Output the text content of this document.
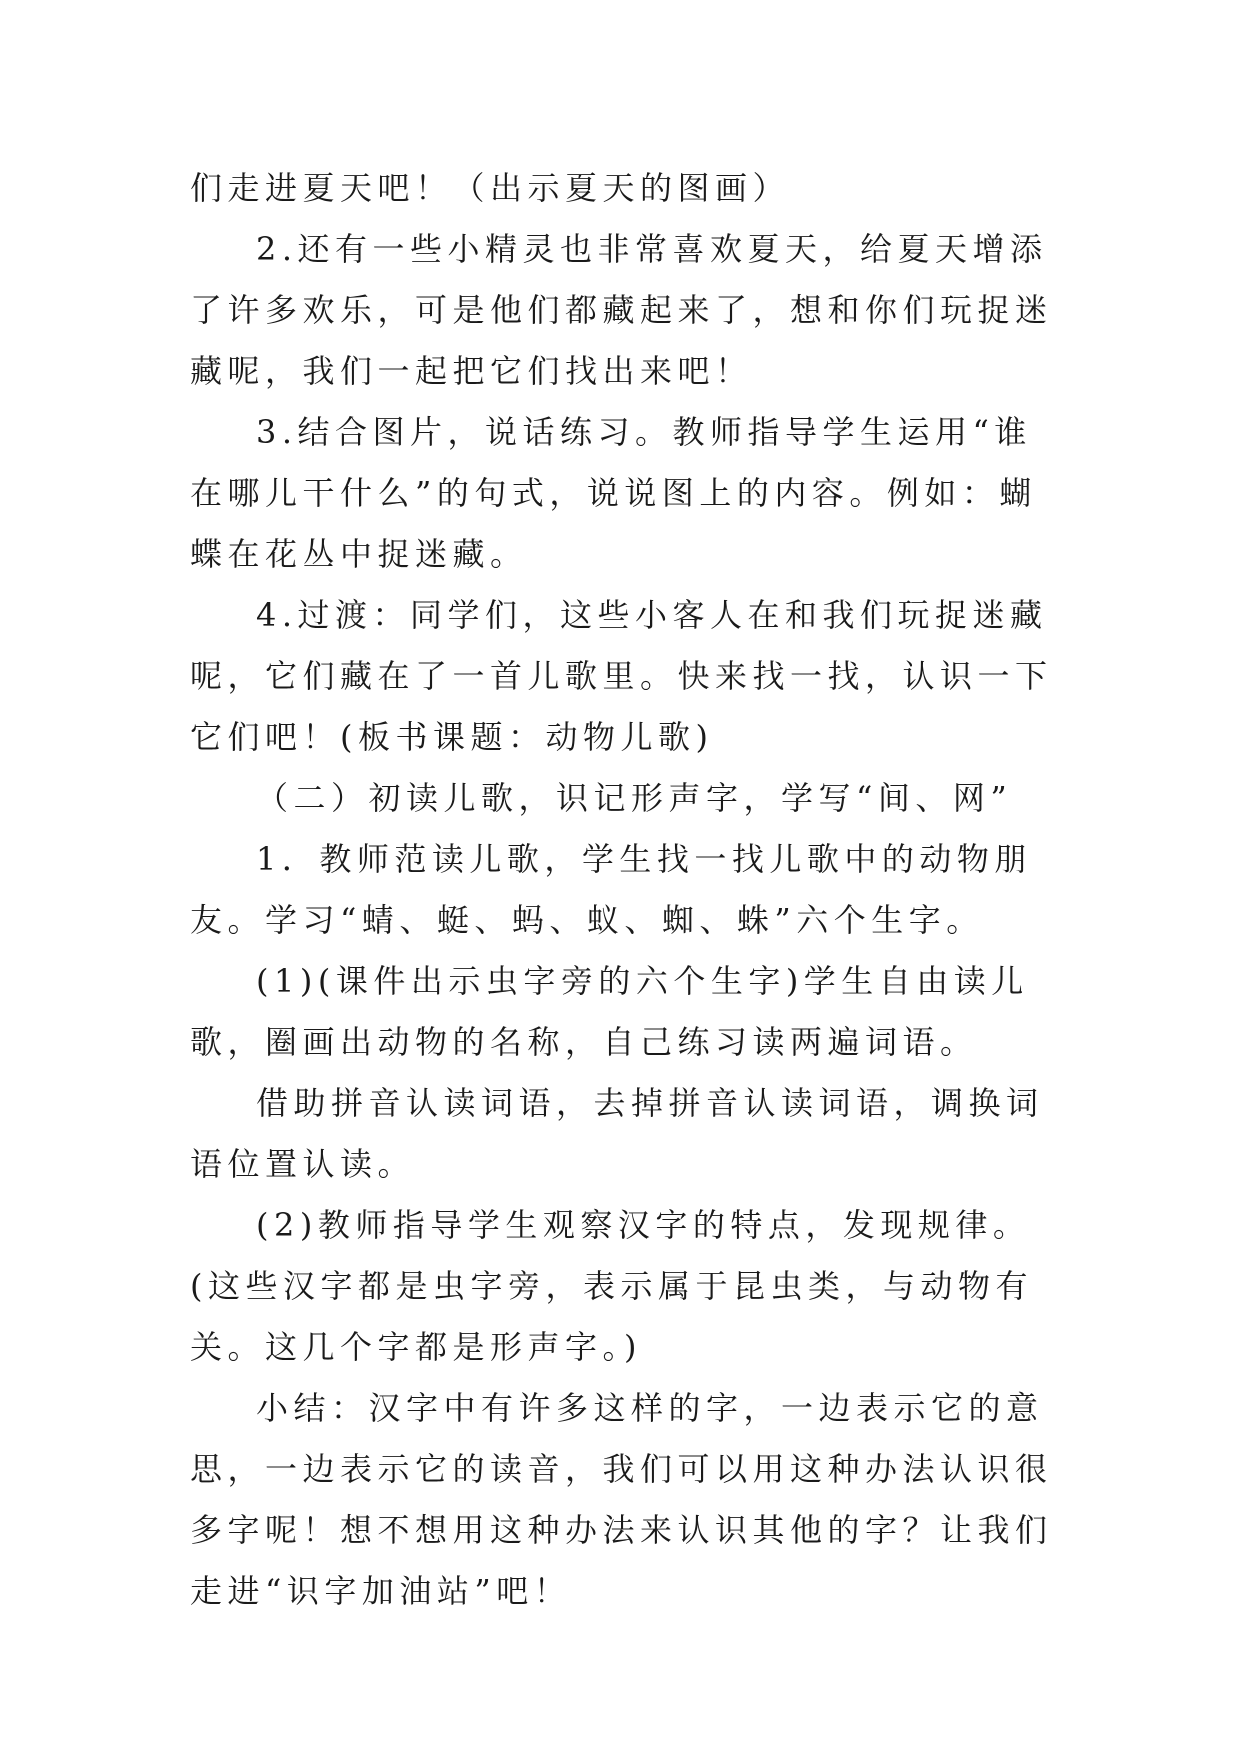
们走进夏天吧！（出示夏天的图画）

2.还有一些小精灵也非常喜欢夏天，给夏天增添了许多欢乐，可是他们都藏起来了，想和你们玩捉迷藏呢，我们一起把它们找出来吧！

3.结合图片，说话练习。教师指导学生运用“谁在哪儿干什么”的句式，说说图上的内容。例如：蝴蝶在花丛中捉迷藏。

4.过渡：同学们，这些小客人在和我们玩捉迷藏呢，它们藏在了一首儿歌里。快来找一找，认识一下它们吧！(板书课题：动物儿歌)

（二）初读儿歌，识记形声字，学写“间、网”

1．教师范读儿歌，学生找一找儿歌中的动物朋友。学习“蜻、蜓、蚂、蚁、蜘、蛛”六个生字。

(1)(课件出示虫字旁的六个生字)学生自由读儿歌，圈画出动物的名称，自己练习读两遍词语。

借助拼音认读词语，去掉拼音认读词语，调换词语位置认读。

(2)教师指导学生观察汉字的特点，发现规律。(这些汉字都是虫字旁，表示属于昆虫类，与动物有关。这几个字都是形声字。)

小结：汉字中有许多这样的字，一边表示它的意思，一边表示它的读音，我们可以用这种办法认识很多字呢！想不想用这种办法来认识其他的字？让我们走进“识字加油站”吧！
